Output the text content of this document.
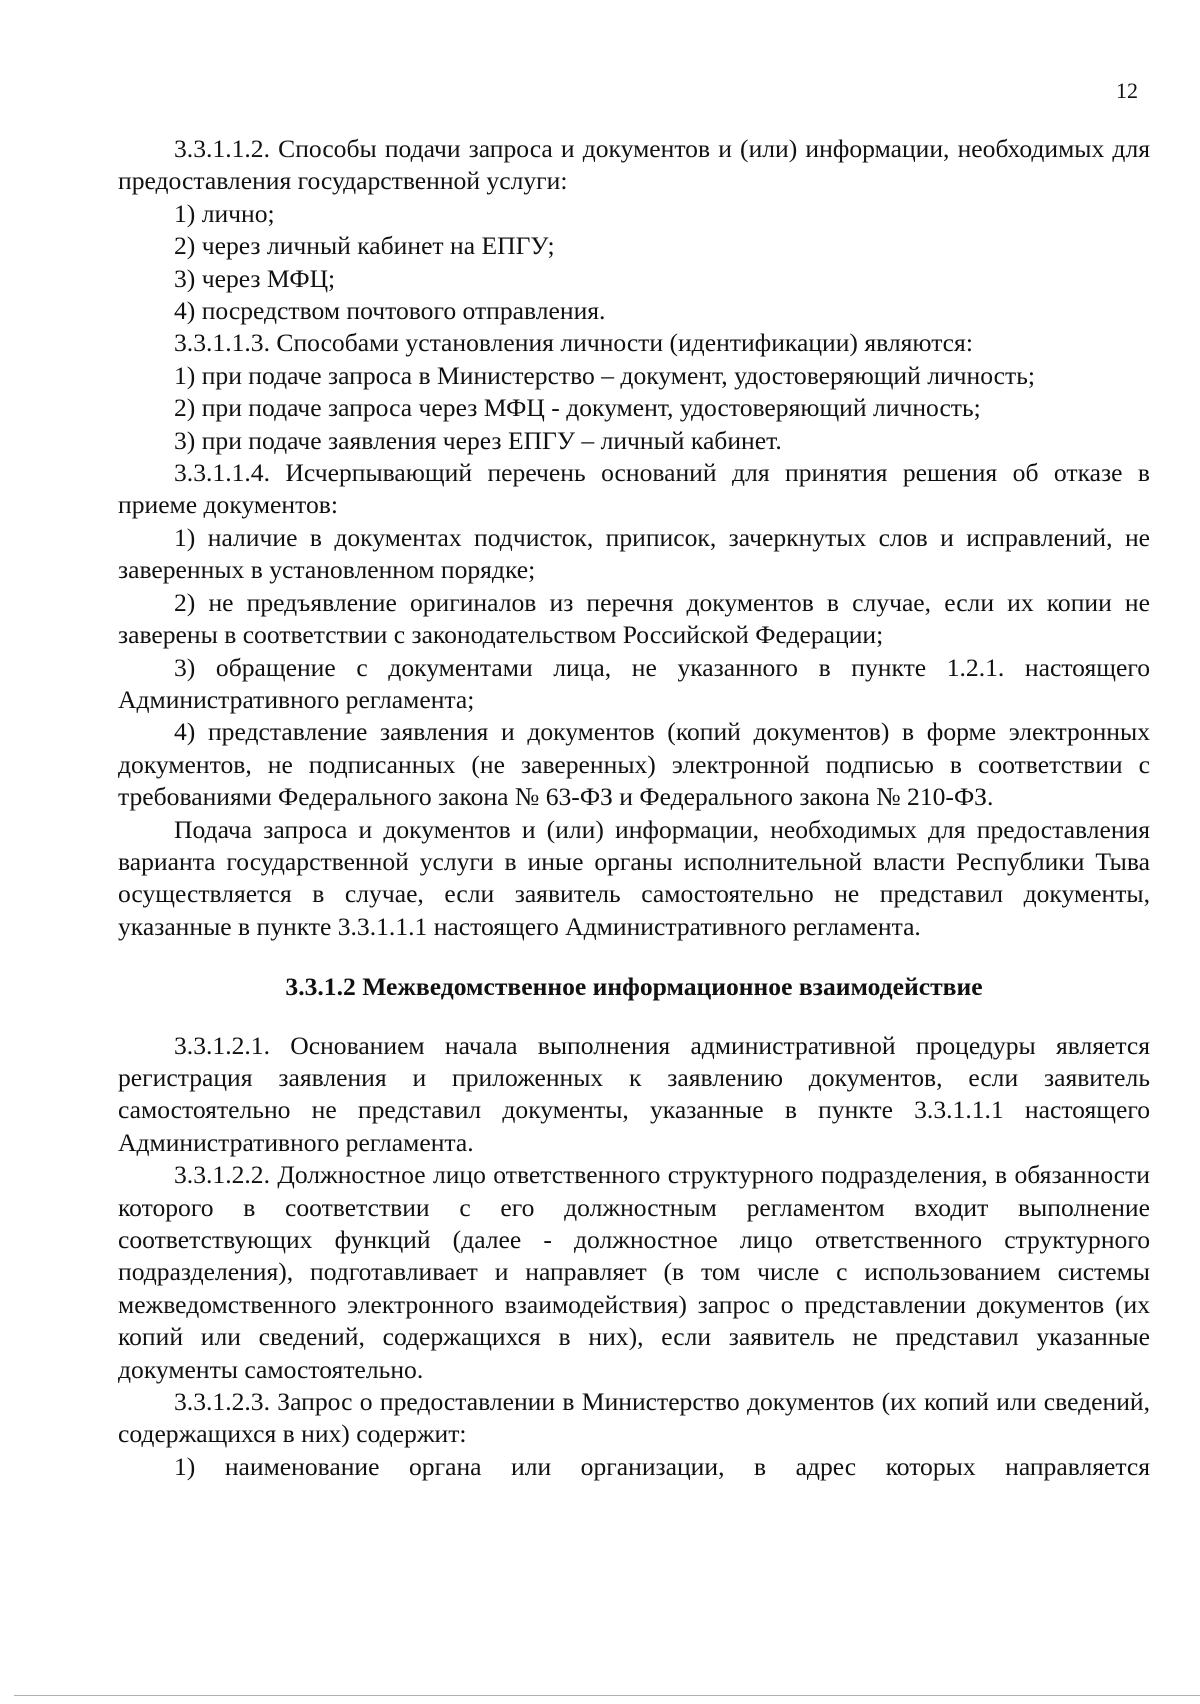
12

3.3.1.1.2. Способы подачи запроса и документов и (или) информации, необходимых для предоставления государственной услуги:

1) лично;

2) через личный кабинет на ЕПГУ;

3) через МФЦ;

4) посредством почтового отправления.

3.3.1.1.3. Способами установления личности (идентификации) являются:

1) при подаче запроса в Министерство – документ, удостоверяющий личность;

2) при подаче запроса через МФЦ - документ, удостоверяющий личность;

3) при подаче заявления через ЕПГУ – личный кабинет.

3.3.1.1.4. Исчерпывающий перечень оснований для принятия решения об отказе в приеме документов:

1) наличие в документах подчисток, приписок, зачеркнутых слов и исправлений, не заверенных в установленном порядке;

2) не предъявление оригиналов из перечня документов в случае, если их копии не заверены в соответствии с законодательством Российской Федерации;

3) обращение с документами лица, не указанного в пункте 1.2.1. настоящего Административного регламента;

4) представление заявления и документов (копий документов) в форме электронных документов, не подписанных (не заверенных) электронной подписью в соответствии с требованиями Федерального закона № 63-ФЗ и Федерального закона № 210-ФЗ.

Подача запроса и документов и (или) информации, необходимых для предоставления варианта государственной услуги в иные органы исполнительной власти Республики Тыва осуществляется в случае, если заявитель самостоятельно не представил документы, указанные в пункте 3.3.1.1.1 настоящего Административного регламента.

3.3.1.2 Межведомственное информационное взаимодействие

3.3.1.2.1. Основанием начала выполнения административной процедуры является регистрация заявления и приложенных к заявлению документов, если заявитель самостоятельно не представил документы, указанные в пункте 3.3.1.1.1 настоящего Административного регламента.

3.3.1.2.2. Должностное лицо ответственного структурного подразделения, в обязанности которого в соответствии с его должностным регламентом входит выполнение соответствующих функций (далее - должностное лицо ответственного структурного подразделения), подготавливает и направляет (в том числе с использованием системы межведомственного электронного взаимодействия) запрос о представлении документов (их копий или сведений, содержащихся в них), если заявитель не представил указанные документы самостоятельно.

3.3.1.2.3. Запрос о предоставлении в Министерство документов (их копий или сведений, содержащихся в них) содержит:

1) наименование органа или организации, в адрес которых направляется
